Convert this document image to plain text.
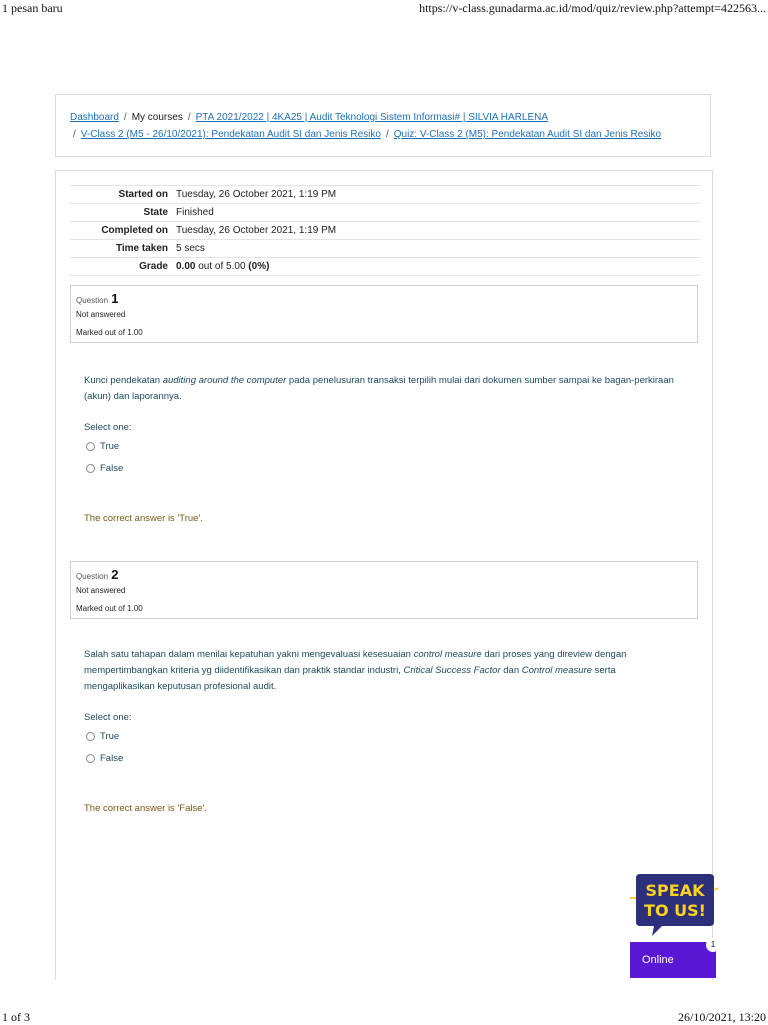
1 pesan baru	https://v-class.gunadarma.ac.id/mod/quiz/review.php?attempt=422563...
Dashboard / My courses / PTA 2021/2022 | 4KA25 | Audit Teknologi Sistem Informasi# | SILVIA HARLENA
/ V-Class 2 (M5 - 26/10/2021): Pendekatan Audit SI dan Jenis Resiko / Quiz: V-Class 2 (M5): Pendekatan Audit SI dan Jenis Resiko
Started on	Tuesday, 26 October 2021, 1:19 PM
State	Finished
Completed on	Tuesday, 26 October 2021, 1:19 PM
Time taken	5 secs
Grade	0.00 out of 5.00 (0%)
Question 1
Not answered
Marked out of 1.00
Kunci pendekatan auditing around the computer pada penelusuran transaksi terpilih mulai dari dokumen sumber sampai ke bagan-perkiraan (akun) dan laporannya.
Select one:
True
False
The correct answer is 'True'.
Question 2
Not answered
Marked out of 1.00
Salah satu tahapan dalam menilai kepatuhan yakni mengevaluasi kesesuaian control measure dari proses yang direview dengan mempertimbangkan kriteria yg diidentifikasikan dan praktik standar industri, Critical Success Factor dan Control measure serta mengaplikasikan keputusan profesional audit.
Select one:
True
False
The correct answer is 'False'.
SPEAK
TO US!
Online
1
1 of 3	26/10/2021, 13:20
